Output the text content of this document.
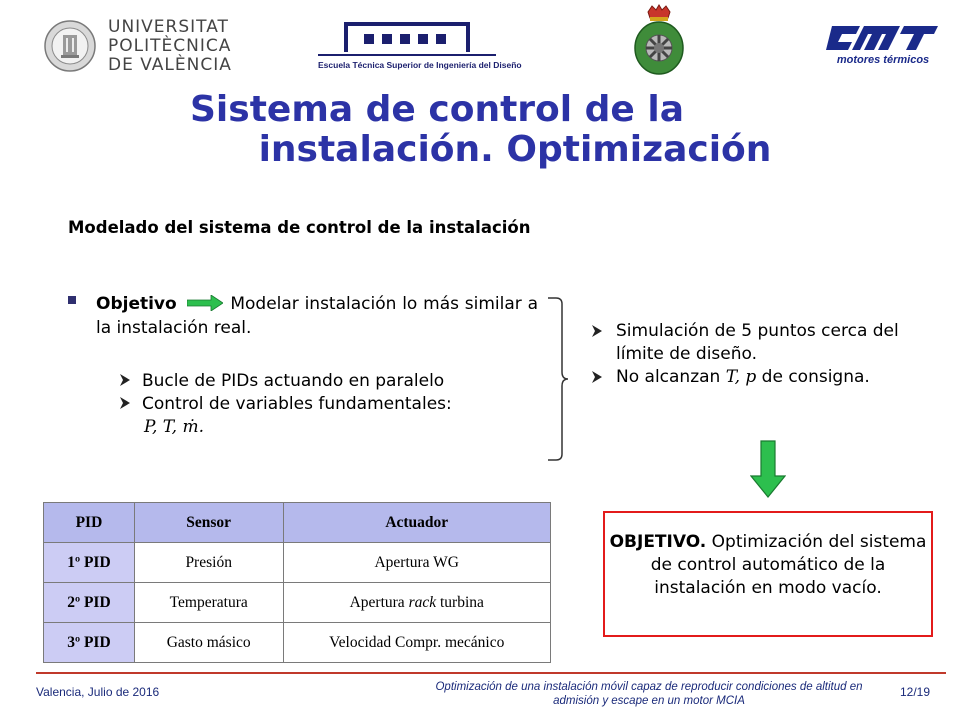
UNIVERSITAT
POLITÈCNICA
DE VALÈNCIA	Escuela Técnica Superior de Ingeniería del Diseño	motores térmicos
Sistema de control de la
instalación. Optimización
Modelado del sistema de control de la instalación
Objetivo	Modelar instalación lo más similar a la instalación real.
Bucle de PIDs actuando en paralelo
Control de variables fundamentales:
P, T, ṁ.
Simulación de 5 puntos cerca del límite de diseño.
No alcanzan T, p de consigna.
PID	Sensor	Actuador
1º PID	Presión	Apertura WG
2º PID	Temperatura	Apertura rack turbina
3º PID	Gasto másico	Velocidad Compr. mecánico
OBJETIVO. Optimización del sistema de control automático de la instalación en modo vacío.
Valencia, Julio de 2016	Optimización de una instalación móvil capaz de reproducir condiciones de altitud en admisión y escape en un motor MCIA
12/19
